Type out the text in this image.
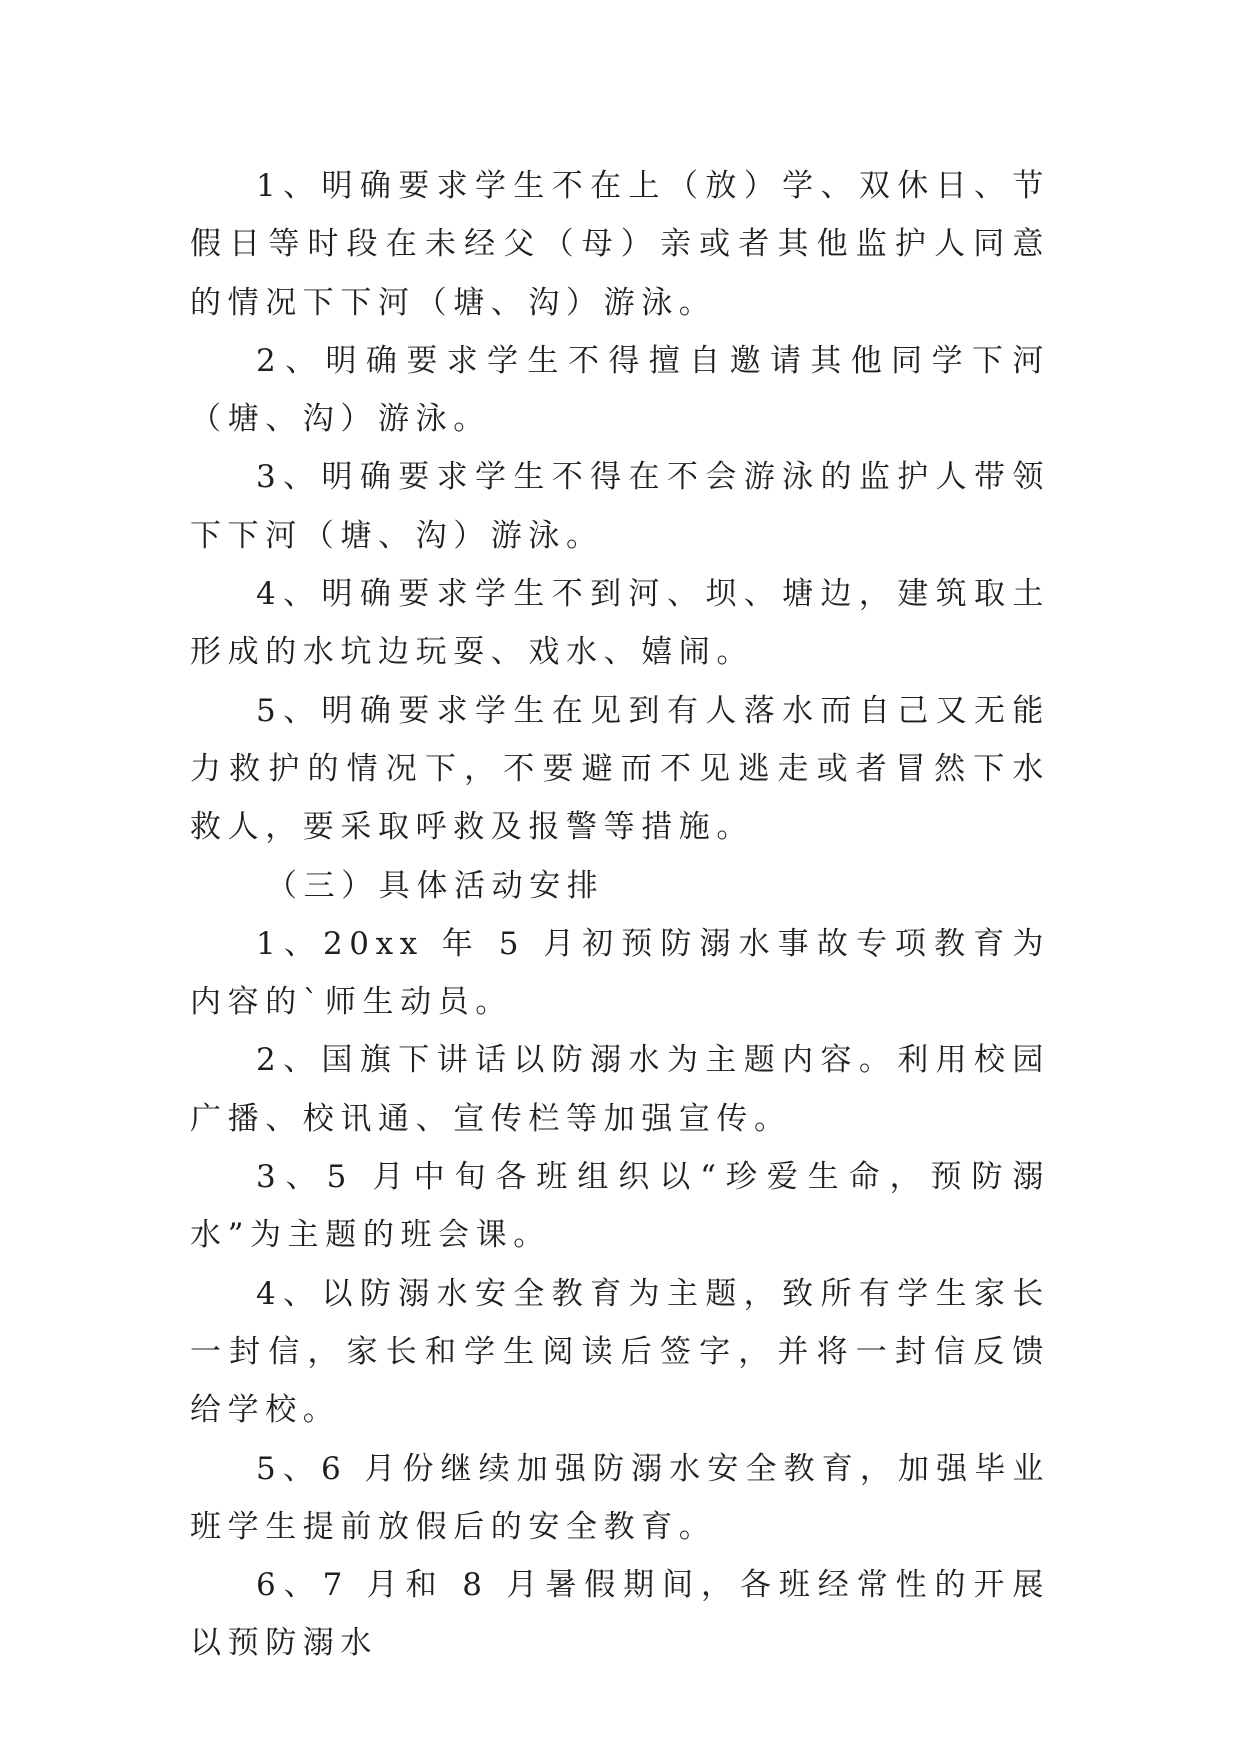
1、明确要求学生不在上（放）学、双休日、节假日等时段在未经父（母）亲或者其他监护人同意的情况下下河（塘、沟）游泳。

2、明确要求学生不得擅自邀请其他同学下河（塘、沟）游泳。

3、明确要求学生不得在不会游泳的监护人带领下下河（塘、沟）游泳。

4、明确要求学生不到河、坝、塘边，建筑取土形成的水坑边玩耍、戏水、嬉闹。

5、明确要求学生在见到有人落水而自己又无能力救护的情况下，不要避而不见逃走或者冒然下水救人，要采取呼救及报警等措施。

（三）具体活动安排

1、20xx 年 5 月初预防溺水事故专项教育为内容的`师生动员。

2、国旗下讲话以防溺水为主题内容。利用校园广播、校讯通、宣传栏等加强宣传。

3、5 月中旬各班组织以“珍爱生命，预防溺水”为主题的班会课。

4、以防溺水安全教育为主题，致所有学生家长一封信，家长和学生阅读后签字，并将一封信反馈给学校。

5、6 月份继续加强防溺水安全教育，加强毕业班学生提前放假后的安全教育。

6、7 月和 8 月暑假期间，各班经常性的开展以预防溺水
